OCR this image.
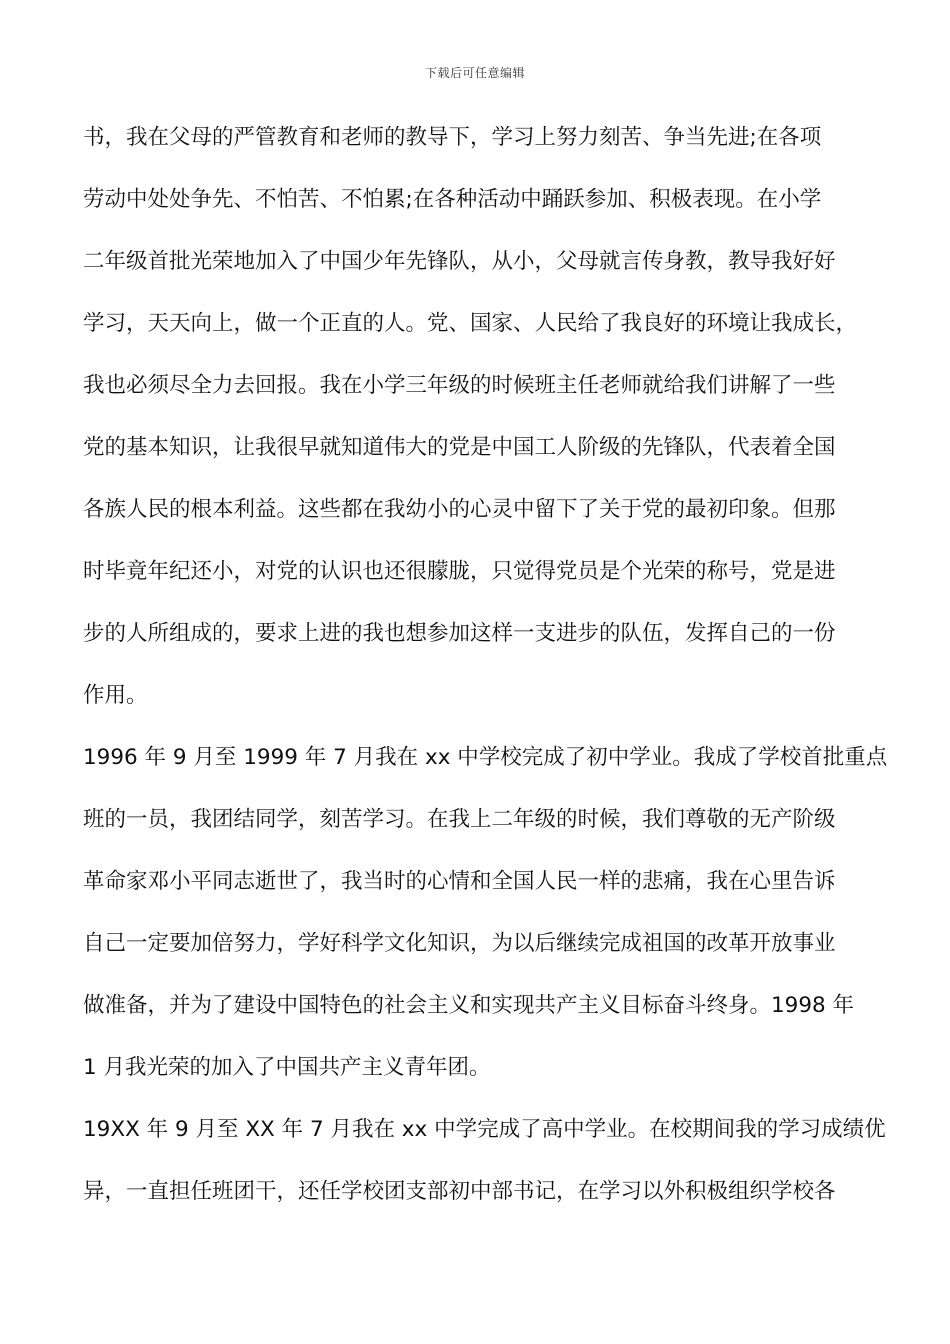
下载后可任意编辑
书，我在父母的严管教育和老师的教导下，学习上努力刻苦、争当先进;在各项
劳动中处处争先、不怕苦、不怕累;在各种活动中踊跃参加、积极表现。在小学
二年级首批光荣地加入了中国少年先锋队，从小，父母就言传身教，教导我好好
学习，天天向上，做一个正直的人。党、国家、人民给了我良好的环境让我成长，
我也必须尽全力去回报。我在小学三年级的时候班主任老师就给我们讲解了一些
党的基本知识，让我很早就知道伟大的党是中国工人阶级的先锋队，代表着全国
各族人民的根本利益。这些都在我幼小的心灵中留下了关于党的最初印象。但那
时毕竟年纪还小，对党的认识也还很朦胧，只觉得党员是个光荣的称号，党是进
步的人所组成的，要求上进的我也想参加这样一支进步的队伍，发挥自己的一份
作用。
1996 年 9 月至 1999 年 7 月我在 xx 中学校完成了初中学业。我成了学校首批重点
班的一员，我团结同学，刻苦学习。在我上二年级的时候，我们尊敬的无产阶级
革命家邓小平同志逝世了，我当时的心情和全国人民一样的悲痛，我在心里告诉
自己一定要加倍努力，学好科学文化知识，为以后继续完成祖国的改革开放事业
做准备，并为了建设中国特色的社会主义和实现共产主义目标奋斗终身。1998 年
1 月我光荣的加入了中国共产主义青年团。
19XX 年 9 月至 XX 年 7 月我在 xx 中学完成了高中学业。在校期间我的学习成绩优
异，一直担任班团干，还任学校团支部初中部书记，在学习以外积极组织学校各
